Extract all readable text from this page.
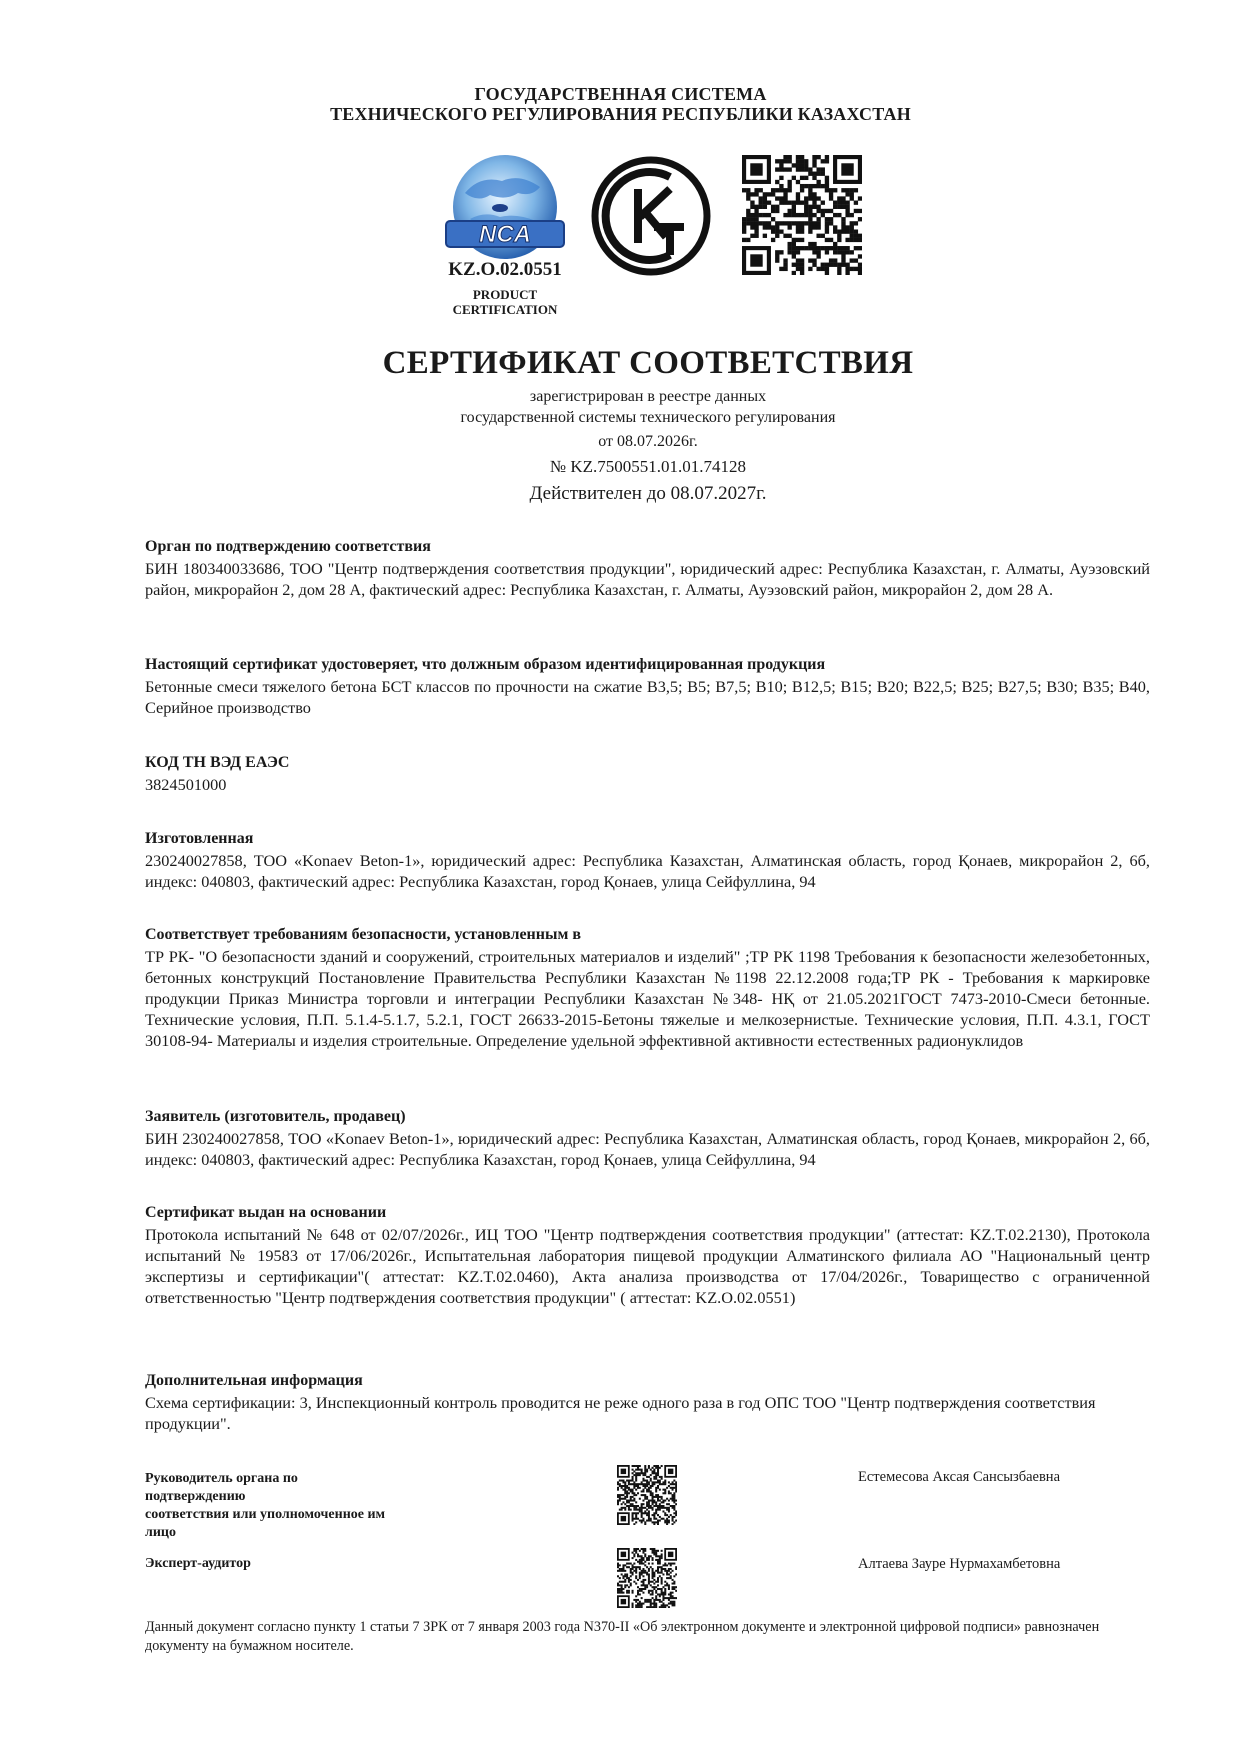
ГОСУДАРСТВЕННАЯ СИСТЕМА
ТЕХНИЧЕСКОГО РЕГУЛИРОВАНИЯ РЕСПУБЛИКИ КАЗАХСТАН
NCA
KZ.O.02.0551
PRODUCT
CERTIFICATION
СЕРТИФИКАТ СООТВЕТСТВИЯ
зарегистрирован в реестре данных
государственной системы технического регулирования
от 08.07.2026г.
№ KZ.7500551.01.01.74128
Действителен до 08.07.2027г.
Орган по подтверждению соответствия

БИН 180340033686, ТОО "Центр подтверждения соответствия продукции", юридический адрес: Республика Казахстан, г. Алматы, Ауэзовский район, микрорайон 2, дом 28 А, фактический адрес: Республика Казахстан, г. Алматы, Ауэзовский район, микрорайон 2, дом 28 А.

Настоящий сертификат удостоверяет, что должным образом идентифицированная продукция

Бетонные смеси тяжелого бетона БСТ классов по прочности на сжатие В3,5; В5; В7,5; В10; В12,5; В15; В20; В22,5; В25; В27,5; В30; В35; В40, Серийное производство

КОД ТН ВЭД ЕАЭС

3824501000

Изготовленная

230240027858, ТОО «Konaev Beton-1», юридический адрес: Республика Казахстан, Алматинская область, город Қонаев, микрорайон 2, 6б, индекс: 040803, фактический адрес: Республика Казахстан, город Қонаев, улица Сейфуллина, 94

Соответствует требованиям безопасности, установленным в

ТР РК- "О безопасности зданий и сооружений, строительных материалов и изделий" ;ТР РК 1198 Требования к безопасности железобетонных, бетонных конструкций Постановление Правительства Республики Казахстан №1198 22.12.2008 года;ТР РК - Требования к маркировке продукции Приказ Министра торговли и интеграции Республики Казахстан №348- НҚ от 21.05.2021ГОСТ 7473-2010-Смеси бетонные. Технические условия, П.П. 5.1.4-5.1.7, 5.2.1, ГОСТ 26633-2015-Бетоны тяжелые и мелкозернистые. Технические условия, П.П. 4.3.1, ГОСТ 30108-94- Материалы и изделия строительные. Определение удельной эффективной активности естественных радионуклидов

Заявитель (изготовитель, продавец)

БИН 230240027858, ТОО «Konaev Beton-1», юридический адрес: Республика Казахстан, Алматинская область, город Қонаев, микрорайон 2, 6б, индекс: 040803, фактический адрес: Республика Казахстан, город Қонаев, улица Сейфуллина, 94

Сертификат выдан на основании

Протокола испытаний № 648 от 02/07/2026г., ИЦ ТОО "Центр подтверждения соответствия продукции" (аттестат: KZ.T.02.2130), Протокола испытаний № 19583 от 17/06/2026г., Испытательная лаборатория пищевой продукции Алматинского филиала АО "Национальный центр экспертизы и сертификации"( аттестат: KZ.T.02.0460), Акта анализа производства от 17/04/2026г., Товарищество с ограниченной ответственностью "Центр подтверждения соответствия продукции" ( аттестат: KZ.O.02.0551)

Дополнительная информация

Схема сертификации: 3, Инспекционный контроль проводится не реже одного раза в год ОПС ТОО "Центр подтверждения соответствия продукции".

Руководитель органа по
подтверждению
соответствия или уполномоченное им
лицо
Естемесова Аксая Сансызбаевна
Эксперт-аудитор	Алтаева Зауре Нурмахамбетовна
Данный документ согласно пункту 1 статьи 7 ЗРК от 7 января 2003 года N370-II «Об электронном документе и электронной цифровой подписи» равнозначен документу на бумажном носителе.
